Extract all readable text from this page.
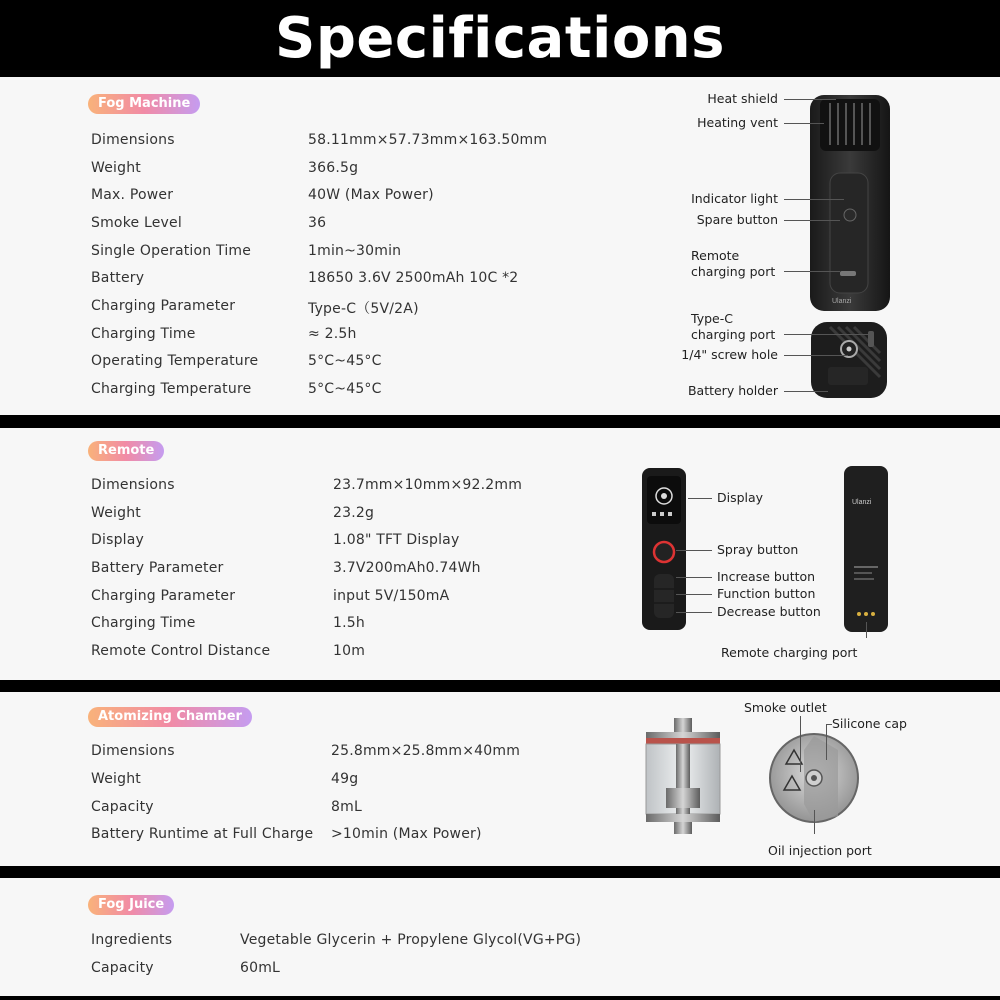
Specifications
Fog Machine
Dimensions	58.11mm×57.73mm×163.50mm
Weight	366.5g
Max. Power	40W (Max Power)
Smoke Level	36
Single Operation Time	1min~30min
Battery	18650 3.6V 2500mAh 10C *2
Charging Parameter	Type-C（5V/2A)
Charging Time	≈ 2.5h
Operating Temperature	5°C~45°C
Charging Temperature	5°C~45°C
Ulanzi
Heat shield
Heating vent
Indicator light
Spare button
Remote
charging port
Type-C
charging port
1/4" screw hole
Battery holder
Remote
Dimensions	23.7mm×10mm×92.2mm
Weight	23.2g
Display	1.08" TFT Display
Battery Parameter	3.7V200mAh0.74Wh
Charging Parameter	input 5V/150mA
Charging Time	1.5h
Remote Control Distance	10m
Ulanzi
Display
Spray button
Increase button
Function button
Decrease button
Remote charging port
Atomizing Chamber
Dimensions	25.8mm×25.8mm×40mm
Weight	49g
Capacity	8mL
Battery Runtime at Full Charge >10min (Max Power)
Smoke outlet
Silicone cap
Oil injection port
Fog Juice
Ingredients	Vegetable Glycerin + Propylene Glycol(VG+PG)
Capacity	60mL
